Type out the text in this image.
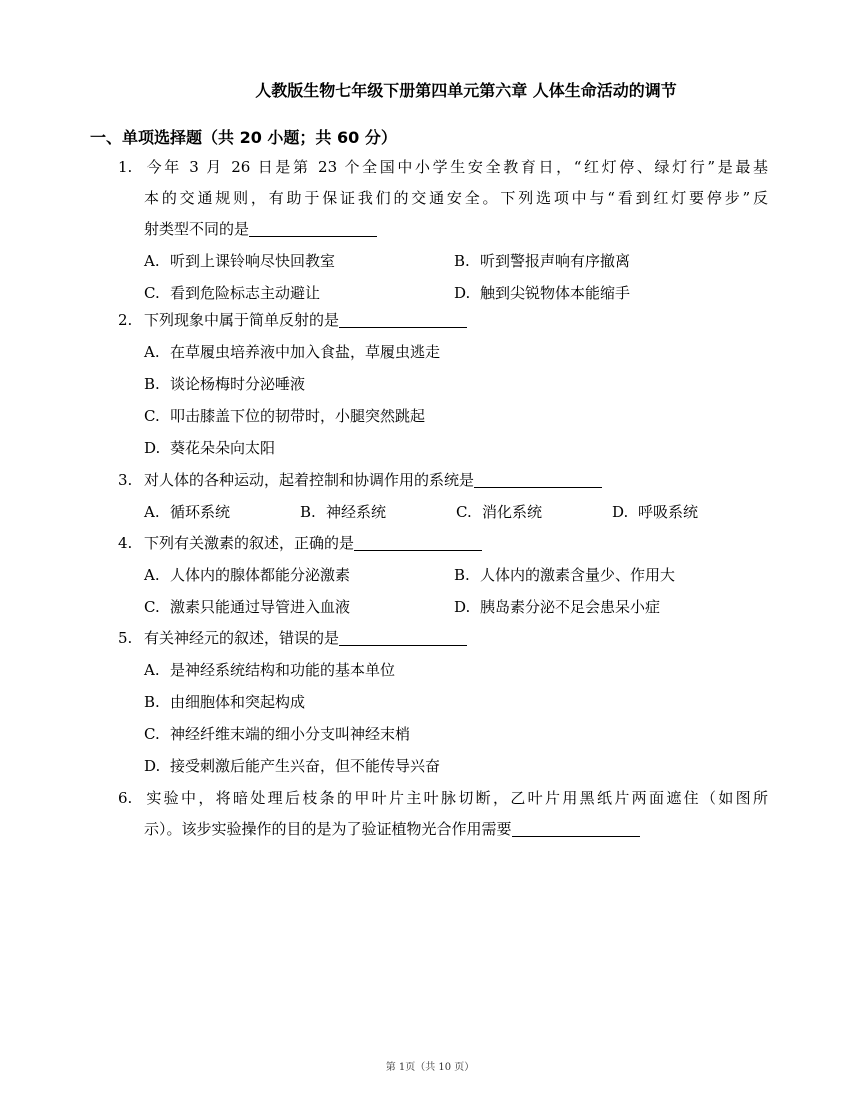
人教版生物七年级下册第四单元第六章 人体生命活动的调节
一、单项选择题（共 20 小题；共 60 分）
1. 今年 3 月 26 日是第 23 个全国中小学生安全教育日，“红灯停、绿灯行”是最基
本的交通规则，有助于保证我们的交通安全。下列选项中与“看到红灯要停步”反
射类型不同的是
A. 听到上课铃响尽快回教室	B. 听到警报声响有序撤离
C. 看到危险标志主动避让	D. 触到尖锐物体本能缩手
2. 下列现象中属于简单反射的是
A. 在草履虫培养液中加入食盐，草履虫逃走
B. 谈论杨梅时分泌唾液
C. 叩击膝盖下位的韧带时，小腿突然跳起
D. 葵花朵朵向太阳
3. 对人体的各种运动，起着控制和协调作用的系统是
A. 循环系统	B. 神经系统	C. 消化系统	D. 呼吸系统
4. 下列有关激素的叙述，正确的是
A. 人体内的腺体都能分泌激素	B. 人体内的激素含量少、作用大
C. 激素只能通过导管进入血液	D. 胰岛素分泌不足会患呆小症
5. 有关神经元的叙述，错误的是
A. 是神经系统结构和功能的基本单位
B. 由细胞体和突起构成
C. 神经纤维末端的细小分支叫神经末梢
D. 接受刺激后能产生兴奋，但不能传导兴奋
6. 实验中，将暗处理后枝条的甲叶片主叶脉切断，乙叶片用黑纸片两面遮住（如图所
示）。该步实验操作的目的是为了验证植物光合作用需要
第 1页（共 10 页）
